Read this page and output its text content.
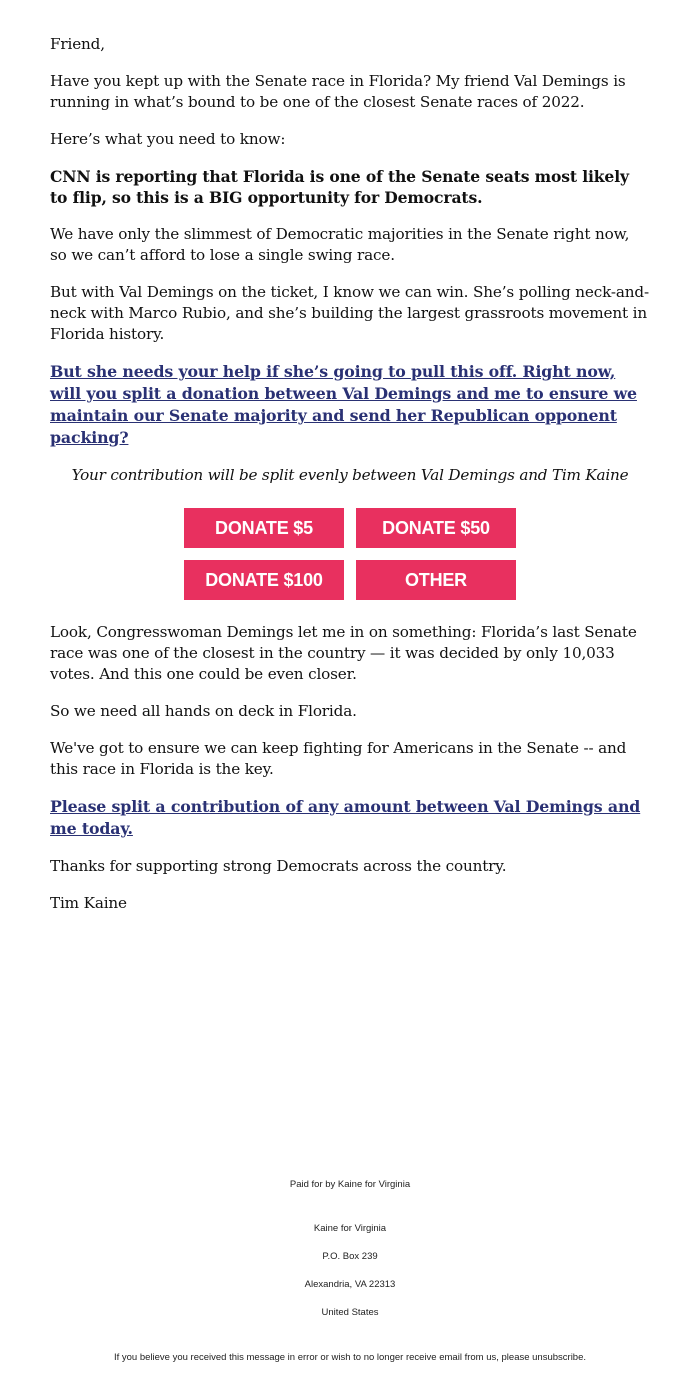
Friend,

Have you kept up with the Senate race in Florida? My friend Val Demings is running in what’s bound to be one of the closest Senate races of 2022.

Here’s what you need to know:

CNN is reporting that Florida is one of the Senate seats most likely to flip, so this is a BIG opportunity for Democrats.

We have only the slimmest of Democratic majorities in the Senate right now, so we can’t afford to lose a single swing race.

But with Val Demings on the ticket, I know we can win. She’s polling neck-and-neck with Marco Rubio, and she’s building the largest grassroots movement in Florida history.

But she needs your help if she’s going to pull this off. Right now, will you split a donation between Val Demings and me to ensure we maintain our Senate majority and send her Republican opponent packing?

Your contribution will be split evenly between Val Demings and Tim Kaine

DONATE $5	DONATE $50
DONATE $100	OTHER

Look, Congresswoman Demings let me in on something: Florida’s last Senate race was one of the closest in the country — it was decided by only 10,033 votes. And this one could be even closer.

So we need all hands on deck in Florida.

We've got to ensure we can keep fighting for Americans in the Senate -- and this race in Florida is the key.

Please split a contribution of any amount between Val Demings and me today.

Thanks for supporting strong Democrats across the country.

Tim Kaine

Paid for by Kaine for Virginia
Kaine for Virginia
P.O. Box 239
Alexandria, VA 22313
United States
If you believe you received this message in error or wish to no longer receive email from us, please unsubscribe.
